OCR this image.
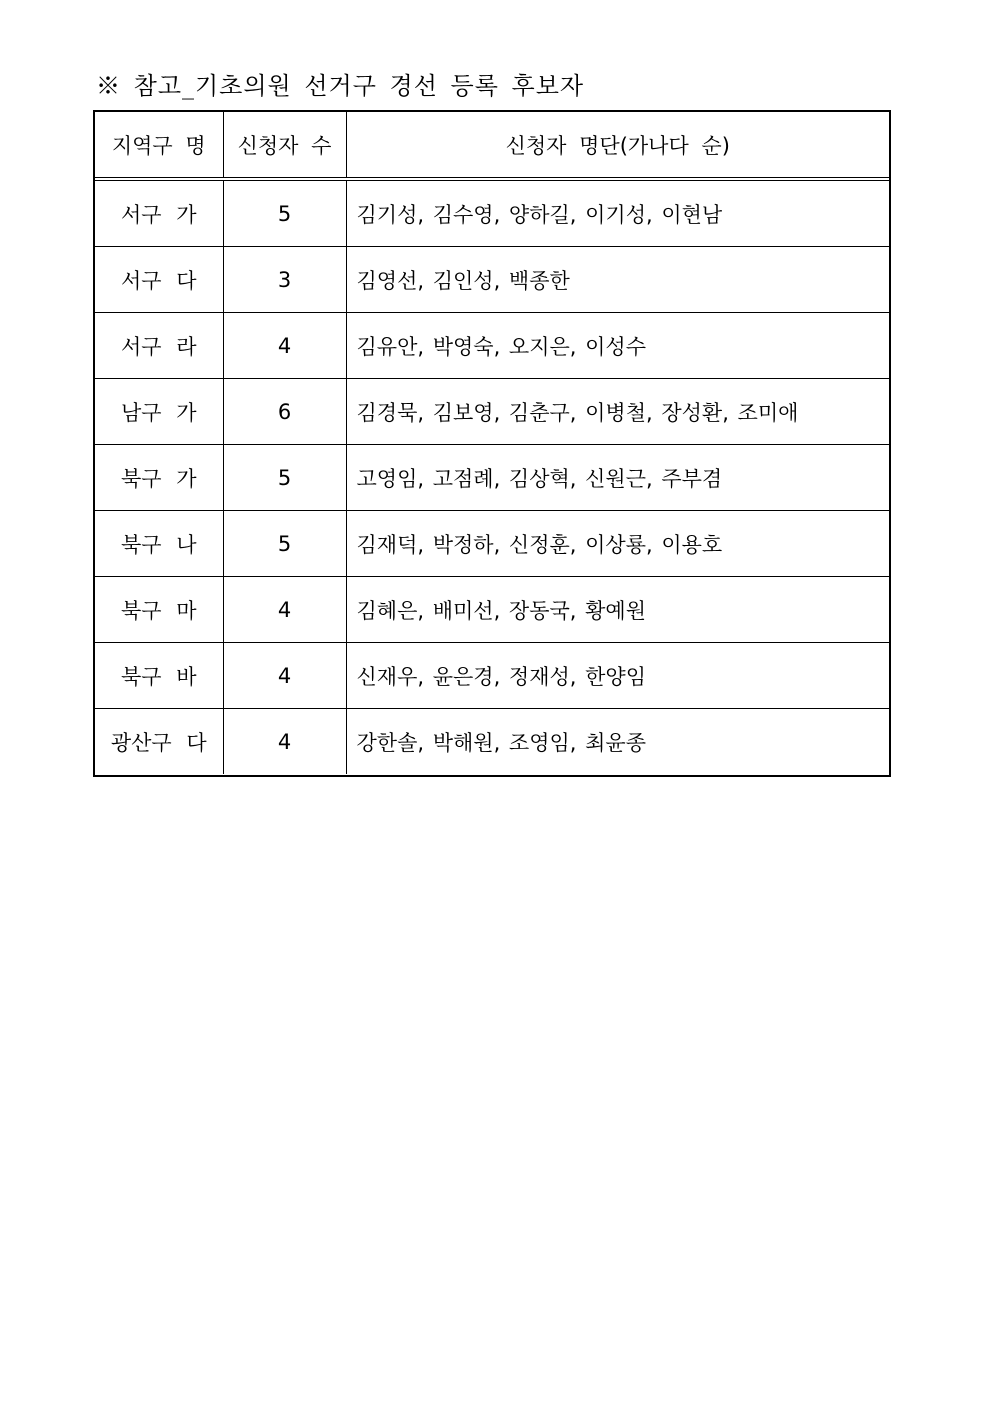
※ 참고_기초의원 선거구 경선 등록 후보자
지역구 명	신청자 수	신청자 명단(가나다 순)
서구 가	5	김기성, 김수영, 양하길, 이기성, 이현남
서구 다	3	김영선, 김인성, 백종한
서구 라	4	김유안, 박영숙, 오지은, 이성수
남구 가	6	김경묵, 김보영, 김춘구, 이병철, 장성환, 조미애
북구 가	5	고영임, 고점례, 김상혁, 신원근, 주부겸
북구 나	5	김재덕, 박정하, 신정훈, 이상룡, 이용호
북구 마	4	김혜은, 배미선, 장동국, 황예원
북구 바	4	신재우, 윤은경, 정재성, 한양임
광산구 다	4	강한솔, 박해원, 조영임, 최윤종
